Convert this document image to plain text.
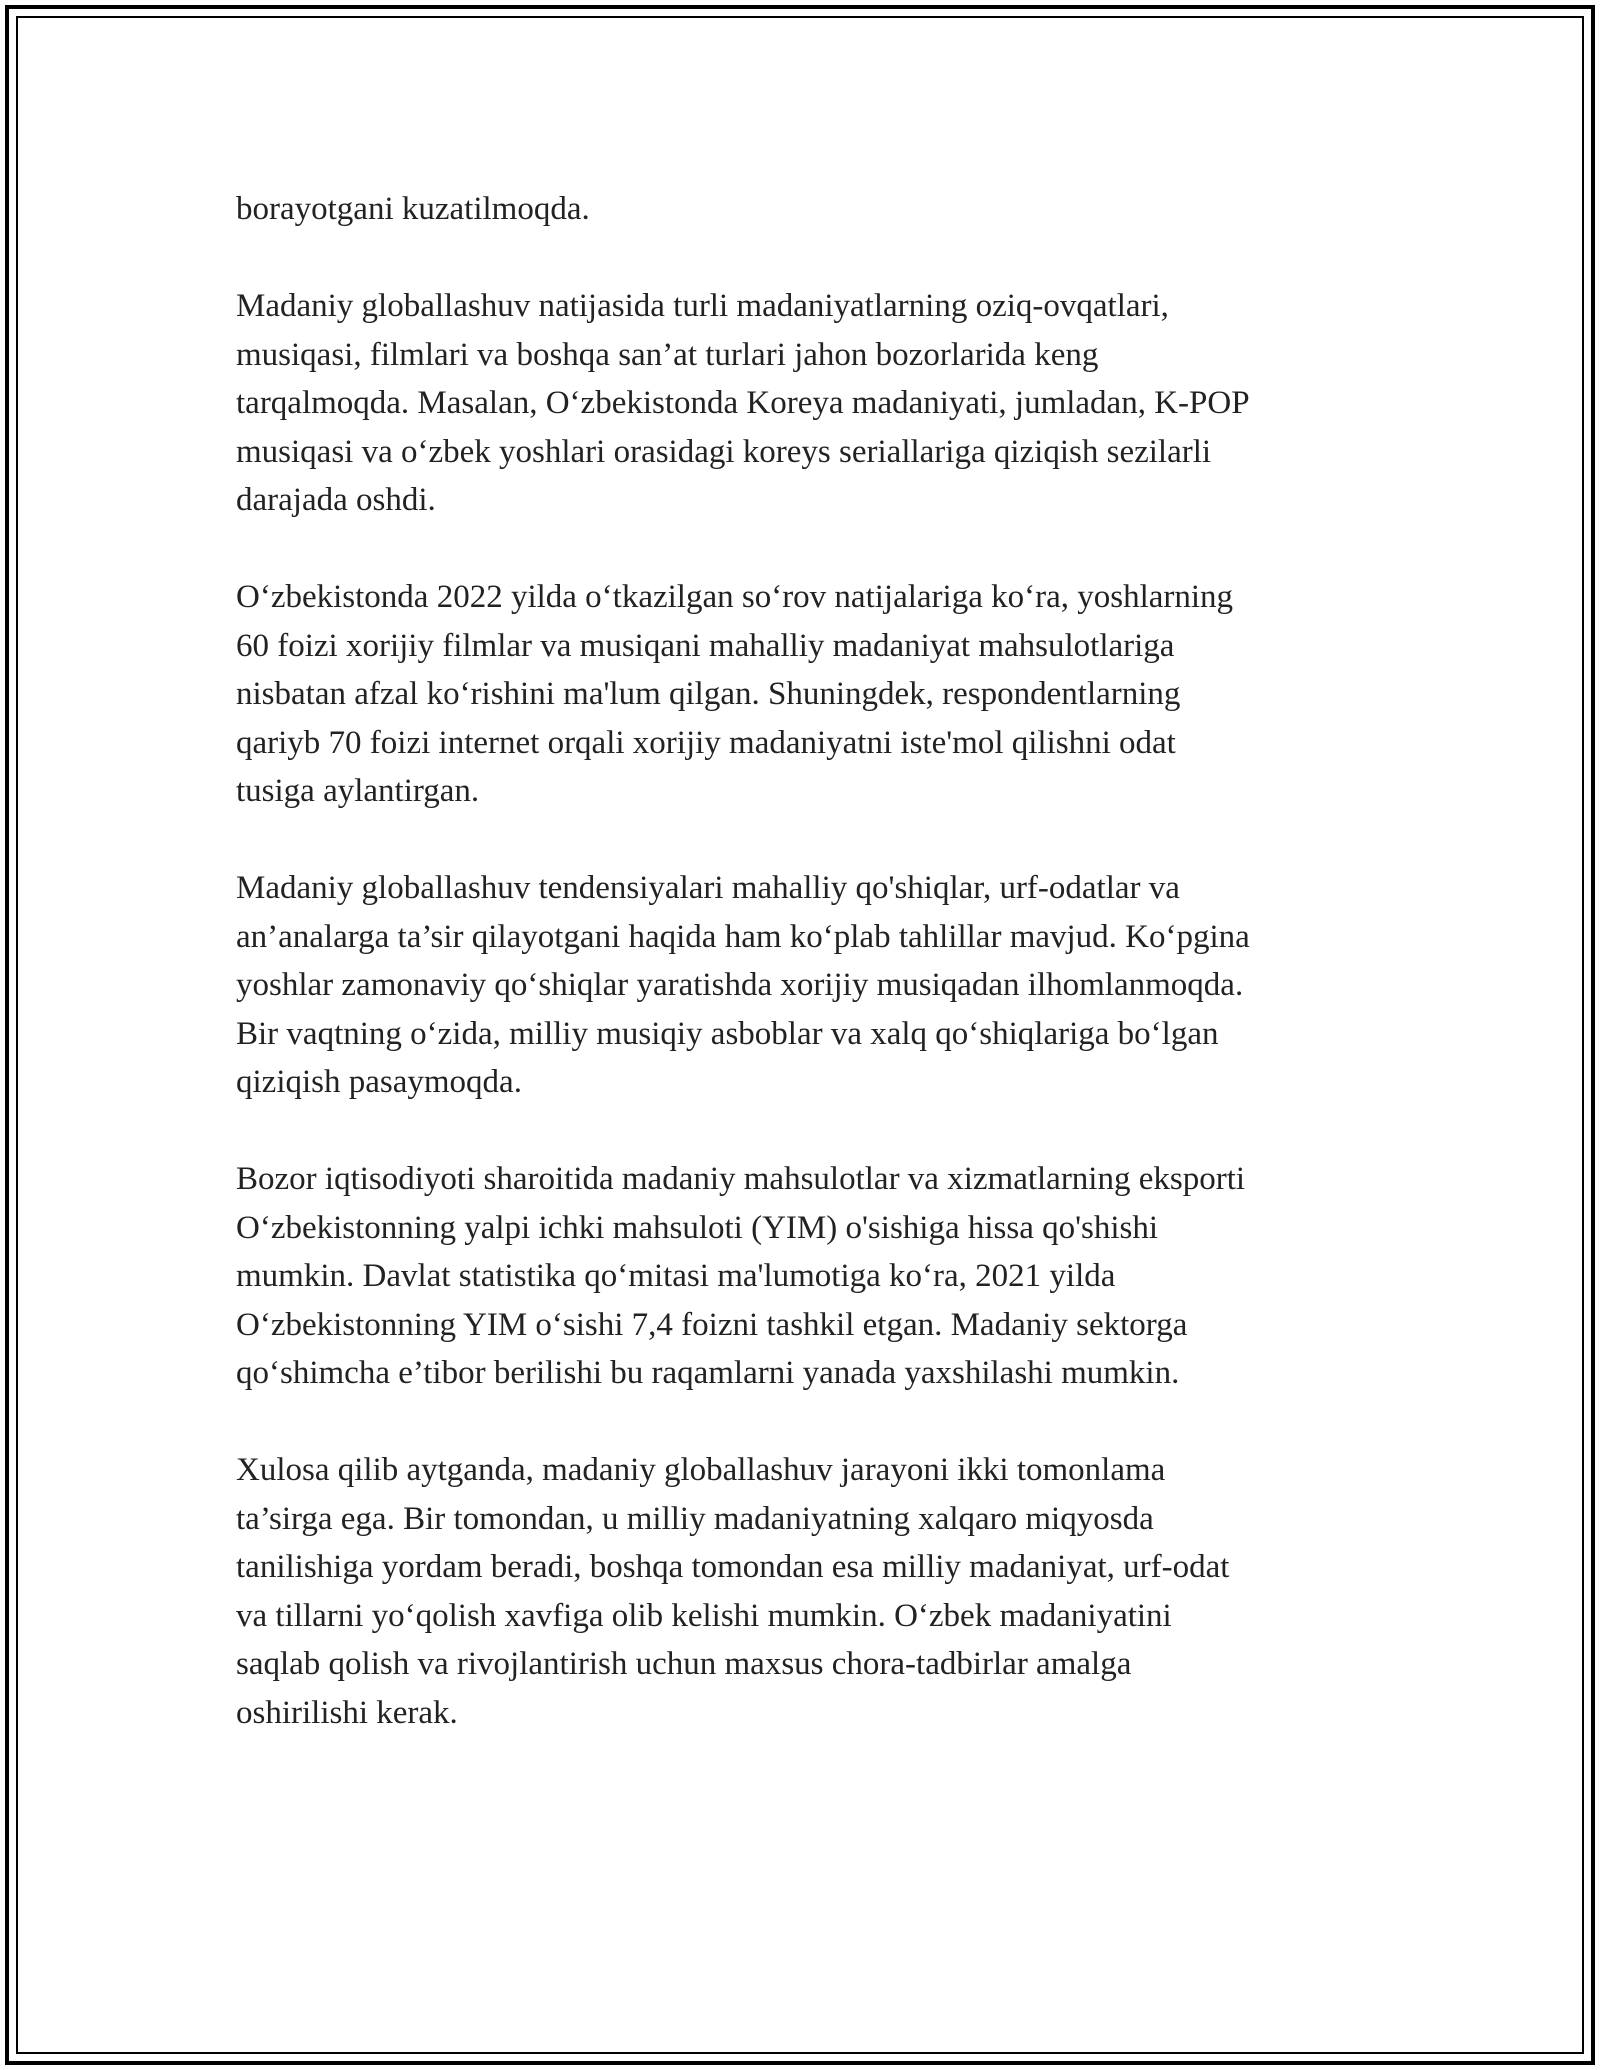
borayotgani kuzatilmoqda.

Madaniy globallashuv natijasida turli madaniyatlarning oziq-ovqatlari,
musiqasi, filmlari va boshqa san’at turlari jahon bozorlarida keng
tarqalmoqda. Masalan, O‘zbekistonda Koreya madaniyati, jumladan, K-POP
musiqasi va o‘zbek yoshlari orasidagi koreys seriallariga qiziqish sezilarli
darajada oshdi.

O‘zbekistonda 2022 yilda o‘tkazilgan so‘rov natijalariga ko‘ra, yoshlarning
60 foizi xorijiy filmlar va musiqani mahalliy madaniyat mahsulotlariga
nisbatan afzal ko‘rishini ma'lum qilgan. Shuningdek, respondentlarning
qariyb 70 foizi internet orqali xorijiy madaniyatni iste'mol qilishni odat
tusiga aylantirgan.

Madaniy globallashuv tendensiyalari mahalliy qo'shiqlar, urf-odatlar va
an’analarga ta’sir qilayotgani haqida ham ko‘plab tahlillar mavjud. Ko‘pgina
yoshlar zamonaviy qo‘shiqlar yaratishda xorijiy musiqadan ilhomlanmoqda.
Bir vaqtning o‘zida, milliy musiqiy asboblar va xalq qo‘shiqlariga bo‘lgan
qiziqish pasaymoqda.

Bozor iqtisodiyoti sharoitida madaniy mahsulotlar va xizmatlarning eksporti
O‘zbekistonning yalpi ichki mahsuloti (YIM) o'sishiga hissa qo'shishi
mumkin. Davlat statistika qo‘mitasi ma'lumotiga ko‘ra, 2021 yilda
O‘zbekistonning YIM o‘sishi 7,4 foizni tashkil etgan. Madaniy sektorga
qo‘shimcha e’tibor berilishi bu raqamlarni yanada yaxshilashi mumkin.

Xulosa qilib aytganda, madaniy globallashuv jarayoni ikki tomonlama
ta’sirga ega. Bir tomondan, u milliy madaniyatning xalqaro miqyosda
tanilishiga yordam beradi, boshqa tomondan esa milliy madaniyat, urf-odat
va tillarni yo‘qolish xavfiga olib kelishi mumkin. O‘zbek madaniyatini
saqlab qolish va rivojlantirish uchun maxsus chora-tadbirlar amalga
oshirilishi kerak.
